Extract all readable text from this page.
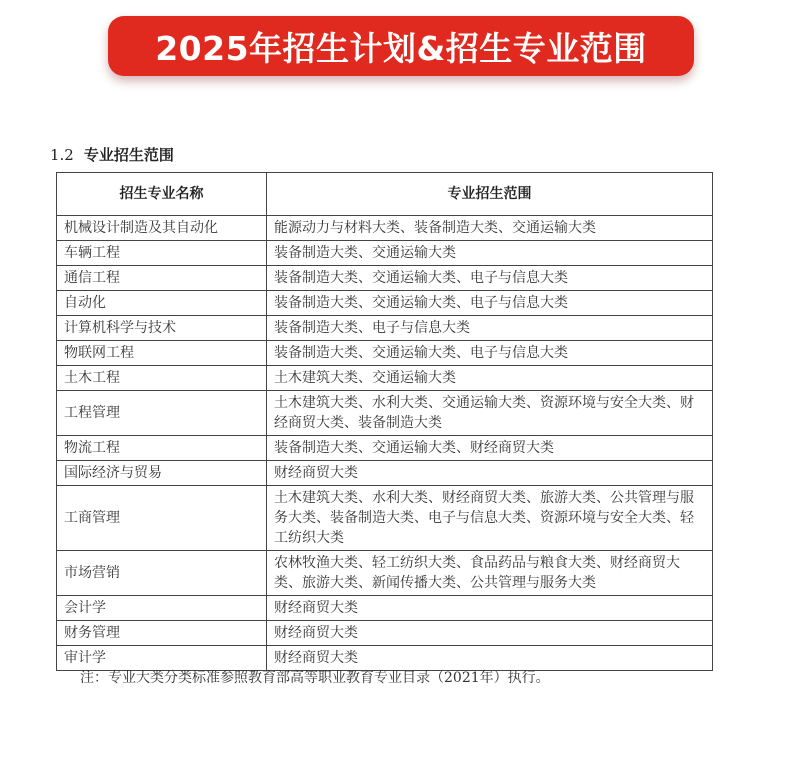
2025年招生计划&招生专业范围
1.2 专业招生范围
招生专业名称	专业招生范围
机械设计制造及其自动化	能源动力与材料大类、装备制造大类、交通运输大类
车辆工程	装备制造大类、交通运输大类
通信工程	装备制造大类、交通运输大类、电子与信息大类
自动化	装备制造大类、交通运输大类、电子与信息大类
计算机科学与技术	装备制造大类、电子与信息大类
物联网工程	装备制造大类、交通运输大类、电子与信息大类
土木工程	土木建筑大类、交通运输大类
工程管理	土木建筑大类、水利大类、交通运输大类、资源环境与安全大类、财经商贸大类、装备制造大类
物流工程	装备制造大类、交通运输大类、财经商贸大类
国际经济与贸易	财经商贸大类
工商管理	土木建筑大类、水利大类、财经商贸大类、旅游大类、公共管理与服务大类、装备制造大类、电子与信息大类、资源环境与安全大类、轻工纺织大类
市场营销	农林牧渔大类、轻工纺织大类、食品药品与粮食大类、财经商贸大类、旅游大类、新闻传播大类、公共管理与服务大类
会计学	财经商贸大类
财务管理	财经商贸大类
审计学	财经商贸大类
注：专业大类分类标准参照教育部高等职业教育专业目录（2021年）执行。
